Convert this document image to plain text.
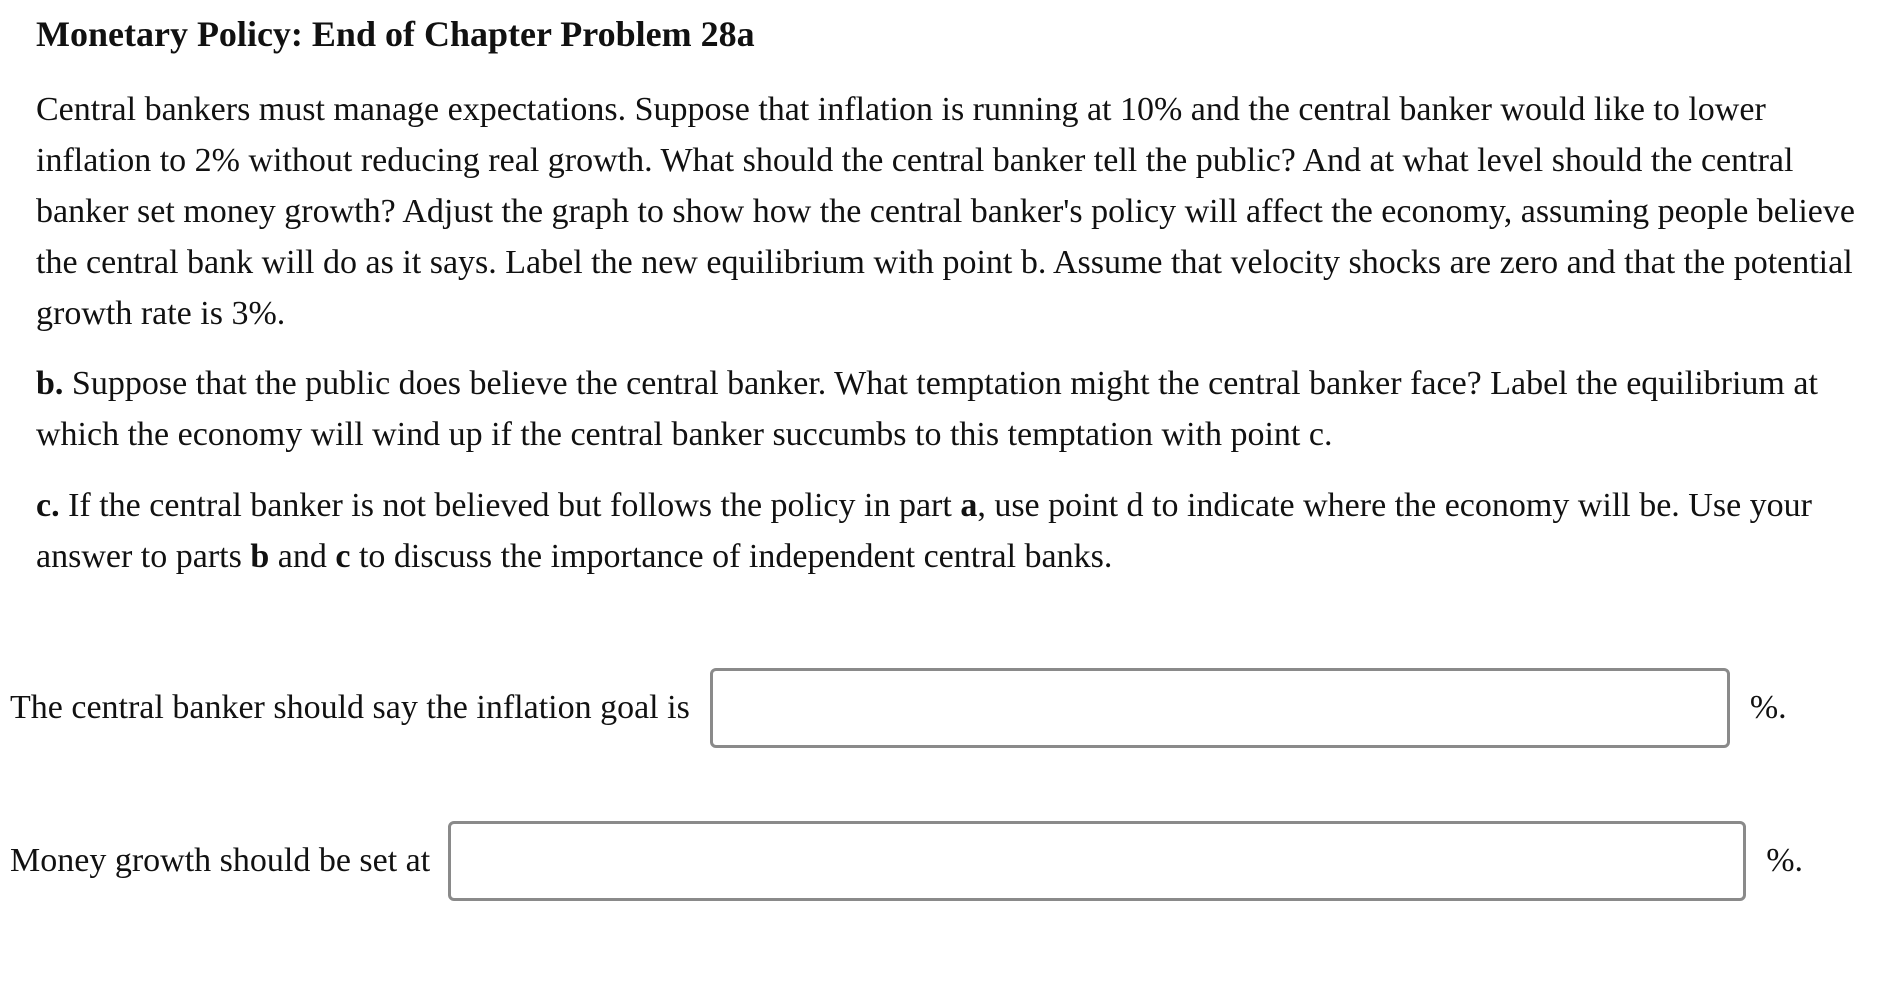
Monetary Policy: End of Chapter Problem 28a

Central bankers must manage expectations. Suppose that inflation is running at 10% and the central banker would like to lower inflation to 2% without reducing real growth. What should the central banker tell the public? And at what level should the central banker set money growth? Adjust the graph to show how the central banker's policy will affect the economy, assuming people believe the central bank will do as it says. Label the new equilibrium with point b. Assume that velocity shocks are zero and that the potential growth rate is 3%.

b. Suppose that the public does believe the central banker. What temptation might the central banker face? Label the equilibrium at which the economy will wind up if the central banker succumbs to this temptation with point c.

c. If the central banker is not believed but follows the policy in part a, use point d to indicate where the economy will be. Use your answer to parts b and c to discuss the importance of independent central banks.

The central banker should say the inflation goal is	%.
Money growth should be set at	%.
